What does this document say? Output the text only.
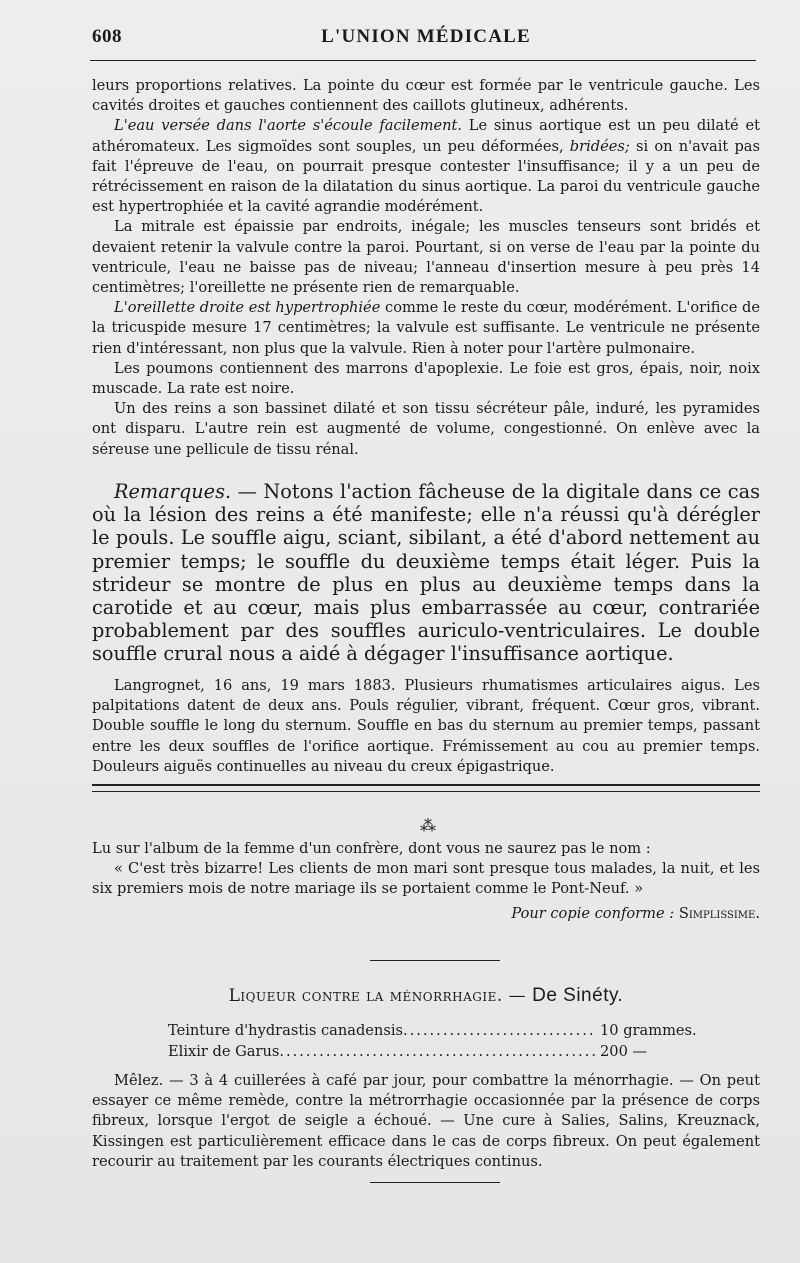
608	L'UNION MÉDICALE

leurs proportions relatives. La pointe du cœur est formée par le ventricule gauche. Les cavités droites et gauches contiennent des caillots glutineux, adhérents.

L'eau versée dans l'aorte s'écoule facilement. Le sinus aortique est un peu dilaté et athéromateux. Les sigmoïdes sont souples, un peu déformées, bridées; si on n'avait pas fait l'épreuve de l'eau, on pourrait presque contester l'insuffisance; il y a un peu de rétrécissement en raison de la dilatation du sinus aortique. La paroi du ventricule gauche est hypertrophiée et la cavité agrandie modérément.

La mitrale est épaissie par endroits, inégale; les muscles tenseurs sont bridés et devaient retenir la valvule contre la paroi. Pourtant, si on verse de l'eau par la pointe du ventricule, l'eau ne baisse pas de niveau; l'anneau d'insertion mesure à peu près 14 centimètres; l'oreillette ne présente rien de remarquable.

L'oreillette droite est hypertrophiée comme le reste du cœur, modérément. L'orifice de la tricuspide mesure 17 centimètres; la valvule est suffisante. Le ventricule ne présente rien d'intéressant, non plus que la valvule. Rien à noter pour l'artère pulmonaire.

Les poumons contiennent des marrons d'apoplexie. Le foie est gros, épais, noir, noix muscade. La rate est noire.

Un des reins a son bassinet dilaté et son tissu sécréteur pâle, induré, les pyramides ont disparu. L'autre rein est augmenté de volume, congestionné. On enlève avec la séreuse une pellicule de tissu rénal.

Remarques. — Notons l'action fâcheuse de la digitale dans ce cas où la lésion des reins a été manifeste; elle n'a réussi qu'à dérégler le pouls. Le souffle aigu, sciant, sibilant, a été d'abord nettement au premier temps; le souffle du deuxième temps était léger. Puis la strideur se montre de plus en plus au deuxième temps dans la carotide et au cœur, mais plus embarrassée au cœur, contrariée probablement par des souffles auriculo-ventriculaires. Le double souffle crural nous a aidé à dégager l'insuffisance aortique.

Langrognet, 16 ans, 19 mars 1883. Plusieurs rhumatismes articulaires aigus. Les palpitations datent de deux ans. Pouls régulier, vibrant, fréquent. Cœur gros, vibrant. Double souffle le long du sternum. Souffle en bas du sternum au premier temps, passant entre les deux souffles de l'orifice aortique. Frémissement au cou au premier temps. Douleurs aiguës continuelles au niveau du creux épigastrique.

⁂

Lu sur l'album de la femme d'un confrère, dont vous ne saurez pas le nom :

« C'est très bizarre! Les clients de mon mari sont presque tous malades, la nuit, et les six premiers mois de notre mariage ils se portaient comme le Pont-Neuf. »

Pour copie conforme : Simplissime.

Liqueur contre la ménorrhagie. — De Sinéty.
Teinture d'hydrastis canadensis .....	10 grammes.
Elixir de Garus .....	200 —

Mêlez. — 3 à 4 cuillerées à café par jour, pour combattre la ménorrhagie. — On peut essayer ce même remède, contre la métrorrhagie occasionnée par la présence de corps fibreux, lorsque l'ergot de seigle a échoué. — Une cure à Salies, Salins, Kreuznack, Kissingen est particulièrement efficace dans le cas de corps fibreux. On peut également recourir au traitement par les courants électriques continus.
